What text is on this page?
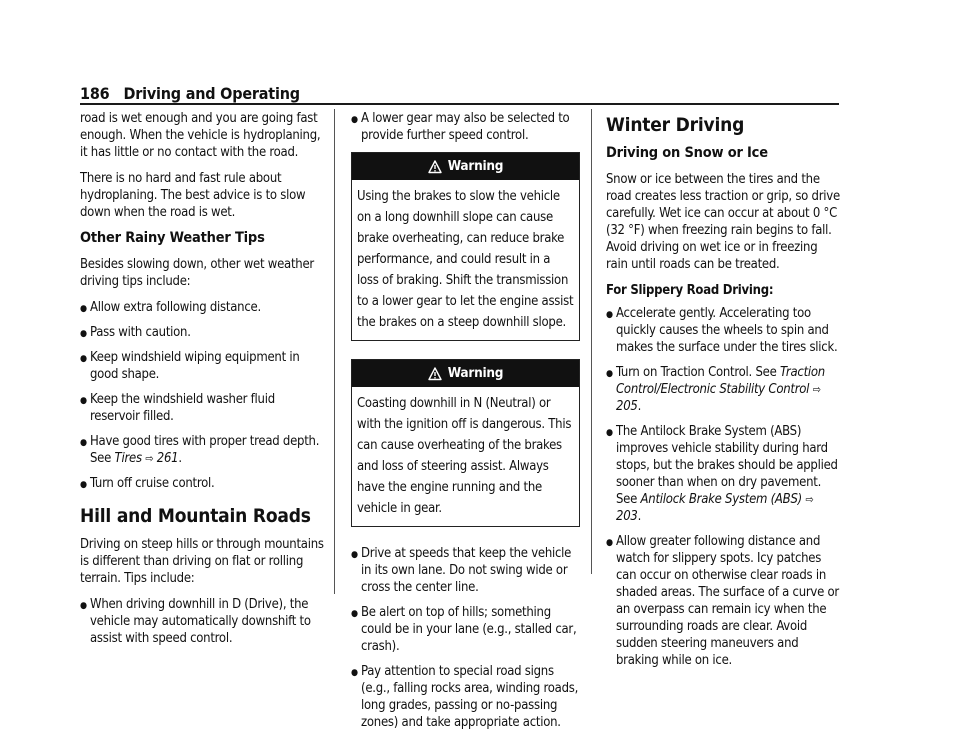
186 Driving and Operating

road is wet enough and you are going fast enough. When the vehicle is hydroplaning, it has little or no contact with the road.

There is no hard and fast rule about hydroplaning. The best advice is to slow down when the road is wet.

Other Rainy Weather Tips

Besides slowing down, other wet weather driving tips include:

● Allow extra following distance.
● Pass with caution.
● Keep windshield wiping equipment in good shape.
● Keep the windshield washer fluid reservoir filled.
● Have good tires with proper tread depth. See Tires ⇨ 261.
● Turn off cruise control.
Hill and Mountain Roads

Driving on steep hills or through mountains is different than driving on flat or rolling terrain. Tips include:

● When driving downhill in D (Drive), the vehicle may automatically downshift to assist with speed control.
● A lower gear may also be selected to provide further speed control.
Warning
Using the brakes to slow the vehicle on a long downhill slope can cause brake overheating, can reduce brake performance, and could result in a loss of braking. Shift the transmission to a lower gear to let the engine assist the brakes on a steep downhill slope.
Warning
Coasting downhill in N (Neutral) or with the ignition off is dangerous. This can cause overheating of the brakes and loss of steering assist. Always have the engine running and the vehicle in gear.
● Drive at speeds that keep the vehicle in its own lane. Do not swing wide or cross the center line.
● Be alert on top of hills; something could be in your lane (e.g., stalled car, crash).
● Pay attention to special road signs (e.g., falling rocks area, winding roads, long grades, passing or no-passing zones) and take appropriate action.
Winter Driving
Driving on Snow or Ice

Snow or ice between the tires and the road creates less traction or grip, so drive carefully. Wet ice can occur at about 0 °C (32 °F) when freezing rain begins to fall. Avoid driving on wet ice or in freezing rain until roads can be treated.

For Slippery Road Driving:
● Accelerate gently. Accelerating too quickly causes the wheels to spin and makes the surface under the tires slick.
● Turn on Traction Control. See Traction Control/Electronic Stability Control ⇨ 205.
● The Antilock Brake System (ABS) improves vehicle stability during hard stops, but the brakes should be applied sooner than when on dry pavement. See Antilock Brake System (ABS) ⇨ 203.
● Allow greater following distance and watch for slippery spots. Icy patches can occur on otherwise clear roads in shaded areas. The surface of a curve or an overpass can remain icy when the surrounding roads are clear. Avoid sudden steering maneuvers and braking while on ice.
